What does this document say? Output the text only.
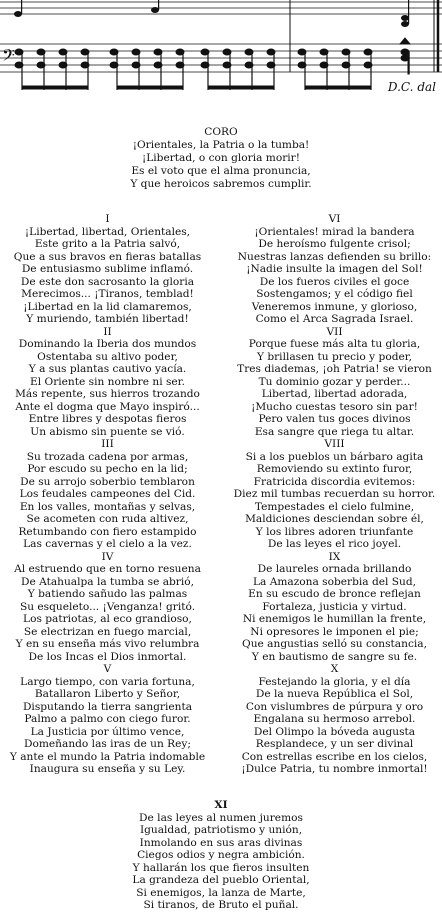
𝄢
D.C. dal
CORO
¡Orientales, la Patria o la tumba!
¡Libertad, o con gloria morir!
Es el voto que el alma pronuncia,
Y que heroicos sabremos cumplir.
I
¡Libertad, libertad, Orientales,
Este grito a la Patria salvó,
Que a sus bravos en fieras batallas
De entusiasmo sublime inflamó.
De este don sacrosanto la gloria
Merecimos... ¡Tiranos, temblad!
¡Libertad en la lid clamaremos,
Y muriendo, también libertad!
II
Dominando la Iberia dos mundos
Ostentaba su altivo poder,
Y a sus plantas cautivo yacía.
El Oriente sin nombre ni ser.
Más repente, sus hierros trozando
Ante el dogma que Mayo inspiró...
Entre libres y despotas fieros
Un abismo sin puente se vió.
III
Su trozada cadena por armas,
Por escudo su pecho en la lid;
De su arrojo soberbio temblaron
Los feudales campeones del Cid.
En los valles, montañas y selvas,
Se acometen con ruda altivez,
Retumbando con fiero estampido
Las cavernas y el cielo a la vez.
IV
Al estruendo que en torno resuena
De Atahualpa la tumba se abrió,
Y batiendo sañudo las palmas
Su esqueleto... ¡Venganza! gritó.
Los patriotas, al eco grandioso,
Se electrizan en fuego marcial,
Y en su enseña más vivo relumbra
De los Incas el Dios inmortal.
V
Largo tiempo, con varia fortuna,
Batallaron Liberto y Señor,
Disputando la tierra sangrienta
Palmo a palmo con ciego furor.
La Justicia por último vence,
Domeñando las iras de un Rey;
Y ante el mundo la Patria indomable
Inaugura su enseña y su Ley.
VI
¡Orientales! mirad la bandera
De heroísmo fulgente crisol;
Nuestras lanzas defienden su brillo:
¡Nadie insulte la imagen del Sol!
De los fueros civiles el goce
Sostengamos; y el código fiel
Veneremos inmune, y glorioso,
Como el Arca Sagrada Israel.
VII
Porque fuese más alta tu gloria,
Y brillasen tu precio y poder,
Tres diademas, ¡oh Patria! se vieron
Tu dominio gozar y perder...
Libertad, libertad adorada,
¡Mucho cuestas tesoro sin par!
Pero valen tus goces divinos
Esa sangre que riega tu altar.
VIII
Si a los pueblos un bárbaro agita
Removiendo su extinto furor,
Fratricida discordia evitemos:
Diez mil tumbas recuerdan su horror.
Tempestades el cielo fulmine,
Maldiciones desciendan sobre él,
Y los libres adoren triunfante
De las leyes el rico joyel.
IX
De laureles ornada brillando
La Amazona soberbia del Sud,
En su escudo de bronce reflejan
Fortaleza, justicia y virtud.
Ni enemigos le humillan la frente,
Ni opresores le imponen el pie;
Que angustias selló su constancia,
Y en bautismo de sangre su fe.
X
Festejando la gloria, y el día
De la nueva República el Sol,
Con vislumbres de púrpura y oro
Engalana su hermoso arrebol.
Del Olimpo la bóveda augusta
Resplandece, y un ser divinal
Con estrellas escribe en los cielos,
¡Dulce Patria, tu nombre inmortal!
XI
De las leyes al numen juremos
Igualdad, patriotismo y unión,
Inmolando en sus aras divinas
Ciegos odios y negra ambición.
Y hallarán los que fieros insulten
La grandeza del pueblo Oriental,
Si enemigos, la lanza de Marte,
Si tiranos, de Bruto el puñal.
